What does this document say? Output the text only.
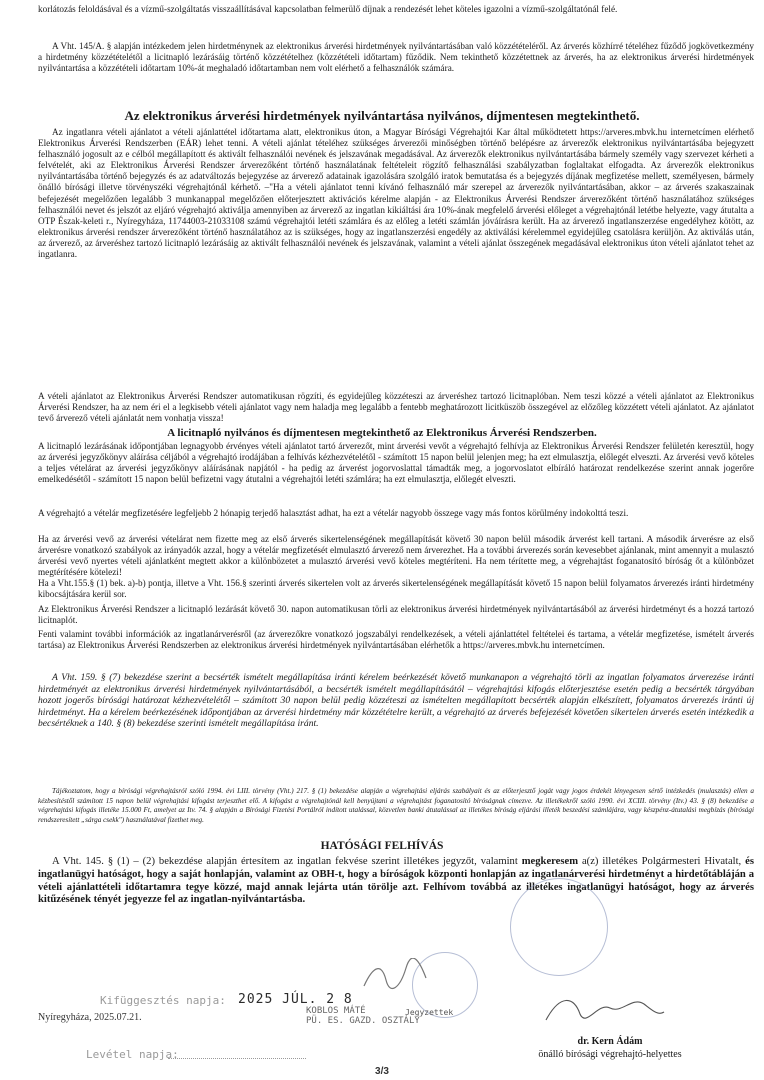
korlátozás feloldásával és a vízmű-szolgáltatás visszaállításával kapcsolatban felmerülő díjnak a rendezését lehet köteles igazolni a vízmű-szolgáltatónál felé.
A Vht. 145/A. § alapján intézkedem jelen hirdetménynek az elektronikus árverési hirdetmények nyilvántartásában való közzétételéről. Az árverés közhírré tételéhez fűződő jogkövetkezmény a hirdetmény közzétételétől a licitnapló lezárásáig történő közzétételhez (közzétételi időtartam) fűződik. Nem tekinthető közzétettnek az árverés, ha az elektronikus árverési hirdetmények nyilvántartása a közzétételi időtartam 10%-át meghaladó időtartamban nem volt elérhető a felhasználók számára.
Az elektronikus árverési hirdetmények nyilvántartása nyilvános, díjmentesen megtekinthető.
Az ingatlanra vételi ajánlatot a vételi ajánlattétel időtartama alatt, elektronikus úton, a Magyar Bírósági Végrehajtói Kar által működtetett https://arveres.mbvk.hu internetcímen elérhető Elektronikus Árverési Rendszerben (EÁR) lehet tenni. A vételi ajánlat tételéhez szükséges árverezői minőségben történő belépésre az árverezők elektronikus nyilvántartásába bejegyzett felhasználó jogosult az e célból megállapított és aktivált felhasználói nevének és jelszavának megadásával. Az árverezők elektronikus nyilvántartásába bármely személy vagy szervezet kérheti a felvételét, aki az Elektronikus Árverési Rendszer árverezőként történő használatának feltételeit rögzítő felhasználási szabályzatban foglaltakat elfogadta. Az árverezők elektronikus nyilvántartásába történő bejegyzés és az adatváltozás bejegyzése az árverező adatainak igazolására szolgáló iratok bemutatása és a bejegyzés díjának megfizetése mellett, személyesen, bármely önálló bírósági illetve törvényszéki végrehajtónál kérhető. –"Ha a vételi ajánlatot tenni kívánó felhasználó már szerepel az árverezők nyilvántartásában, akkor – az árverés szakaszainak befejezését megelőzően legalább 3 munkanappal megelőzően előterjesztett aktivációs kérelme alapján - az Elektronikus Árverési Rendszer árverezőként történő használatához szükséges felhasználói nevet és jelszót az eljáró végrehajtó aktiválja amennyiben az árverező az ingatlan kikiáltási ára 10%-ának megfelelő árverési előleget a végrehajtónál letétbe helyezte, vagy átutalta a OTP Észak-keleti r., Nyíregyháza, 11744003-21033108 számú végrehajtói letéti számlára és az előleg a letéti számlán jóváírásra került. Ha az árverező ingatlanszerzése engedélyhez kötött, az elektronikus árverési rendszer árverezőként történő használatához az is szükséges, hogy az ingatlanszerzési engedély az aktiválási kérelemmel egyidejűleg csatolásra kerüljön. Az aktiválás után, az árverező, az árveréshez tartozó licitnapló lezárásáig az aktivált felhasználói nevének és jelszavának, valamint a vételi ajánlat összegének megadásával elektronikus úton vételi ajánlatot tehet az ingatlanra.
A vételi ajánlatot az Elektronikus Árverési Rendszer automatikusan rögzíti, és egyidejűleg közzéteszi az árveréshez tartozó licitnaplóban. Nem teszi közzé a vételi ajánlatot az Elektronikus Árverési Rendszer, ha az nem éri el a legkisebb vételi ajánlatot vagy nem haladja meg legalább a fentebb meghatározott licitküszöb összegével az előzőleg közzétett vételi ajánlatot. Az ajánlatot tevő árverező vételi ajánlatát nem vonhatja vissza!
A licitnapló nyilvános és díjmentesen megtekinthető az Elektronikus Árverési Rendszerben.
A licitnapló lezárásának időpontjában legnagyobb érvényes vételi ajánlatot tartó árverezőt, mint árverési vevőt a végrehajtó felhívja az Elektronikus Árverési Rendszer felületén keresztül, hogy az árverési jegyzőkönyv aláírása céljából a végrehajtó irodájában a felhívás kézhezvételétől - számított 15 napon belül jelenjen meg; ha ezt elmulasztja, előlegét elveszti. Az árverési vevő köteles a teljes vételárat az árverési jegyzőkönyv aláírásának napjától - ha pedig az árverést jogorvoslattal támadták meg, a jogorvoslatot elbíráló határozat rendelkezése szerint annak jogerőre emelkedésétől - számított 15 napon belül befizetni vagy átutalni a végrehajtói letéti számlára; ha ezt elmulasztja, előlegét elveszti.
A végrehajtó a vételár megfizetésére legfeljebb 2 hónapig terjedő halasztást adhat, ha ezt a vételár nagyobb összege vagy más fontos körülmény indokolttá teszi.
Ha az árverési vevő az árverési vételárat nem fizette meg az első árverés sikertelenségének megállapítását követő 30 napon belül második árverést kell tartani. A második árverésre az első árverésre vonatkozó szabályok az irányadók azzal, hogy a vételár megfizetését elmulasztó árverező nem árverezhet. Ha a további árverezés során kevesebbet ajánlanak, mint amennyit a mulasztó árverési vevő nyertes vételi ajánlatként megtett akkor a különbözetet a mulasztó árverési vevő köteles megtéríteni. Ha nem térítette meg, a végrehajtást foganatosító bíróság őt a különbözet megtérítésére kötelezi!
Ha a Vht.155.§ (1) bek. a)-b) pontja, illetve a Vht. 156.§ szerinti árverés sikertelen volt az árverés sikertelenségének megállapítását követő 15 napon belül folyamatos árverezés iránti hirdetmény kibocsájtására kerül sor.
Az Elektronikus Árverési Rendszer a licitnapló lezárását követő 30. napon automatikusan törli az elektronikus árverési hirdetmények nyilvántartásából az árverési hirdetményt és a hozzá tartozó licitnaplót.
Fenti valamint további információk az ingatlanárverésről (az árverezőkre vonatkozó jogszabályi rendelkezések, a vételi ajánlattétel feltételei és tartama, a vételár megfizetése, ismételt árverés tartása) az Elektronikus Árverési Rendszerben az elektronikus árverési hirdetmények nyilvántartásában elérhetők a https://arveres.mbvk.hu internetcímen.
A Vht. 159. § (7) bekezdése szerint a becsérték ismételt megállapítása iránti kérelem beérkezését követő munkanapon a végrehajtó törli az ingatlan folyamatos árverezése iránti hirdetményét az elektronikus árverési hirdetmények nyilvántartásából, a becsérték ismételt megállapításától – végrehajtási kifogás előterjesztése esetén pedig a becsérték tárgyában hozott jogerős bírósági határozat kézhezvételétől – számított 30 napon belül pedig közzéteszi az ismételten megállapított becsérték alapján elkészített, folyamatos árverezés iránti új hirdetményt. Ha a kérelem beérkezésének időpontjában az árverési hirdetmény már közzétételre került, a végrehajtó az árverés befejezését követően sikertelen árverés esetén intézkedik a becsértéknek a 140. § (8) bekezdése szerinti ismételt megállapítása iránt.
Tájékoztatom, hogy a bírósági végrehajtásról szóló 1994. évi LIII. törvény (Vht.) 217. § (1) bekezdése alapján a végrehajtási eljárás szabályait és az előterjesztő jogát vagy jogos érdekét lényegesen sértő intézkedés (mulasztás) ellen a kézbesítéstől számított 15 napon belül végrehajtási kifogást terjeszthet elő. A kifogást a végrehajtónál kell benyújtani a végrehajtást foganatosító bíróságnak címezve. Az illetékekről szóló 1990. évi XCIII. törvény (Itv.) 43. § (8) bekezdése a végrehajtási kifogás illetéke 15.000 Ft, amelyet az Itv. 74. § alapján a Bírósági Fizetési Portálról indított utalással, közvetlen banki átutalással az illetékes bíróság eljárási illeték beszedési számlájára, vagy készpénz-átutalási megbízás (bírósági rendszeresített „sárga csekk") használatával fizethet meg.
HATÓSÁGI FELHÍVÁS
A Vht. 145. § (1) – (2) bekezdése alapján értesítem az ingatlan fekvése szerint illetékes jegyzőt, valamint megkeresem a(z) illetékes Polgármesteri Hivatalt, és ingatlanügyi hatóságot, hogy a saját honlapján, valamint az OBH-t, hogy a bíróságok központi honlapján az ingatlanárverési hirdetményt a hirdetőtábláján a vételi ajánlattételi időtartamra tegye közzé, majd annak lejárta után törölje azt. Felhívom továbbá az illetékes ingatlanügyi hatóságot, hogy az árverés kitűzésének tényét jegyezze fel az ingatlan-nyilvántartásba.
Kifüggesztés napja: 2025 JÚL. 2 8
Nyíregyháza, 2025.07.21.
KOBLOS MÁTÉ
PÜ. ES. GAZD. OSZTÁLY
Jegyzettek
Levétel napja:
dr. Kern Ádám
önálló bírósági végrehajtó-helyettes
3/3
